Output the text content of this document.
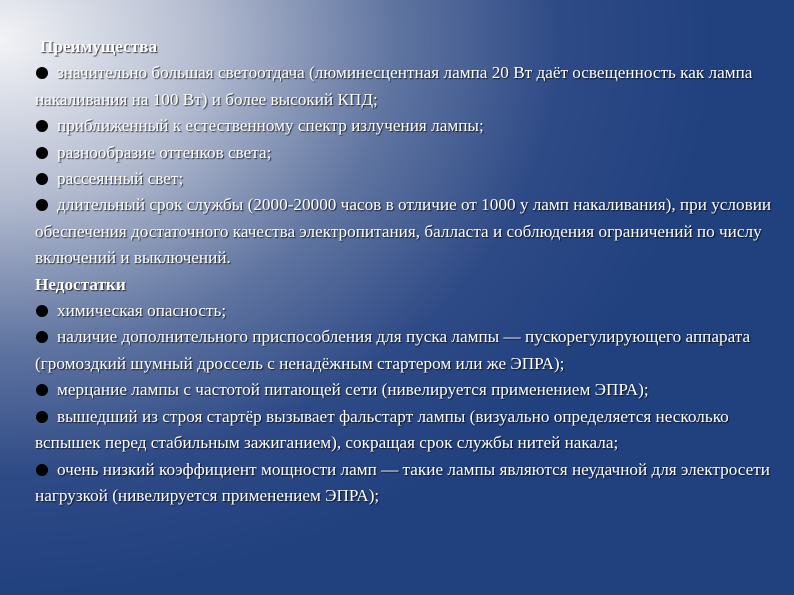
Преимущества
значительно большая светоотдача (люминесцентная лампа 20 Вт даёт освещенность как лампа накаливания на 100 Вт) и более высокий КПД;
приближенный к естественному спектр излучения лампы;
разнообразие оттенков света;
рассеянный свет;
длительный срок службы (2000-20000 часов в отличие от 1000 у ламп накаливания), при условии обеспечения достаточного качества электропитания, балласта и соблюдения ограничений по числу включений и выключений.
Недостатки
химическая опасность;
наличие дополнительного приспособления для пуска лампы — пускорегулирующего аппарата (громоздкий шумный дроссель с ненадёжным стартером или же ЭПРА);
мерцание лампы с частотой питающей сети (нивелируется применением ЭПРА);
вышедший из строя стартёр вызывает фальстарт лампы (визуально определяется несколько вспышек перед стабильным зажиганием), сокращая срок службы нитей накала;
очень низкий коэффициент мощности ламп — такие лампы являются неудачной для электросети нагрузкой (нивелируется применением ЭПРА);
